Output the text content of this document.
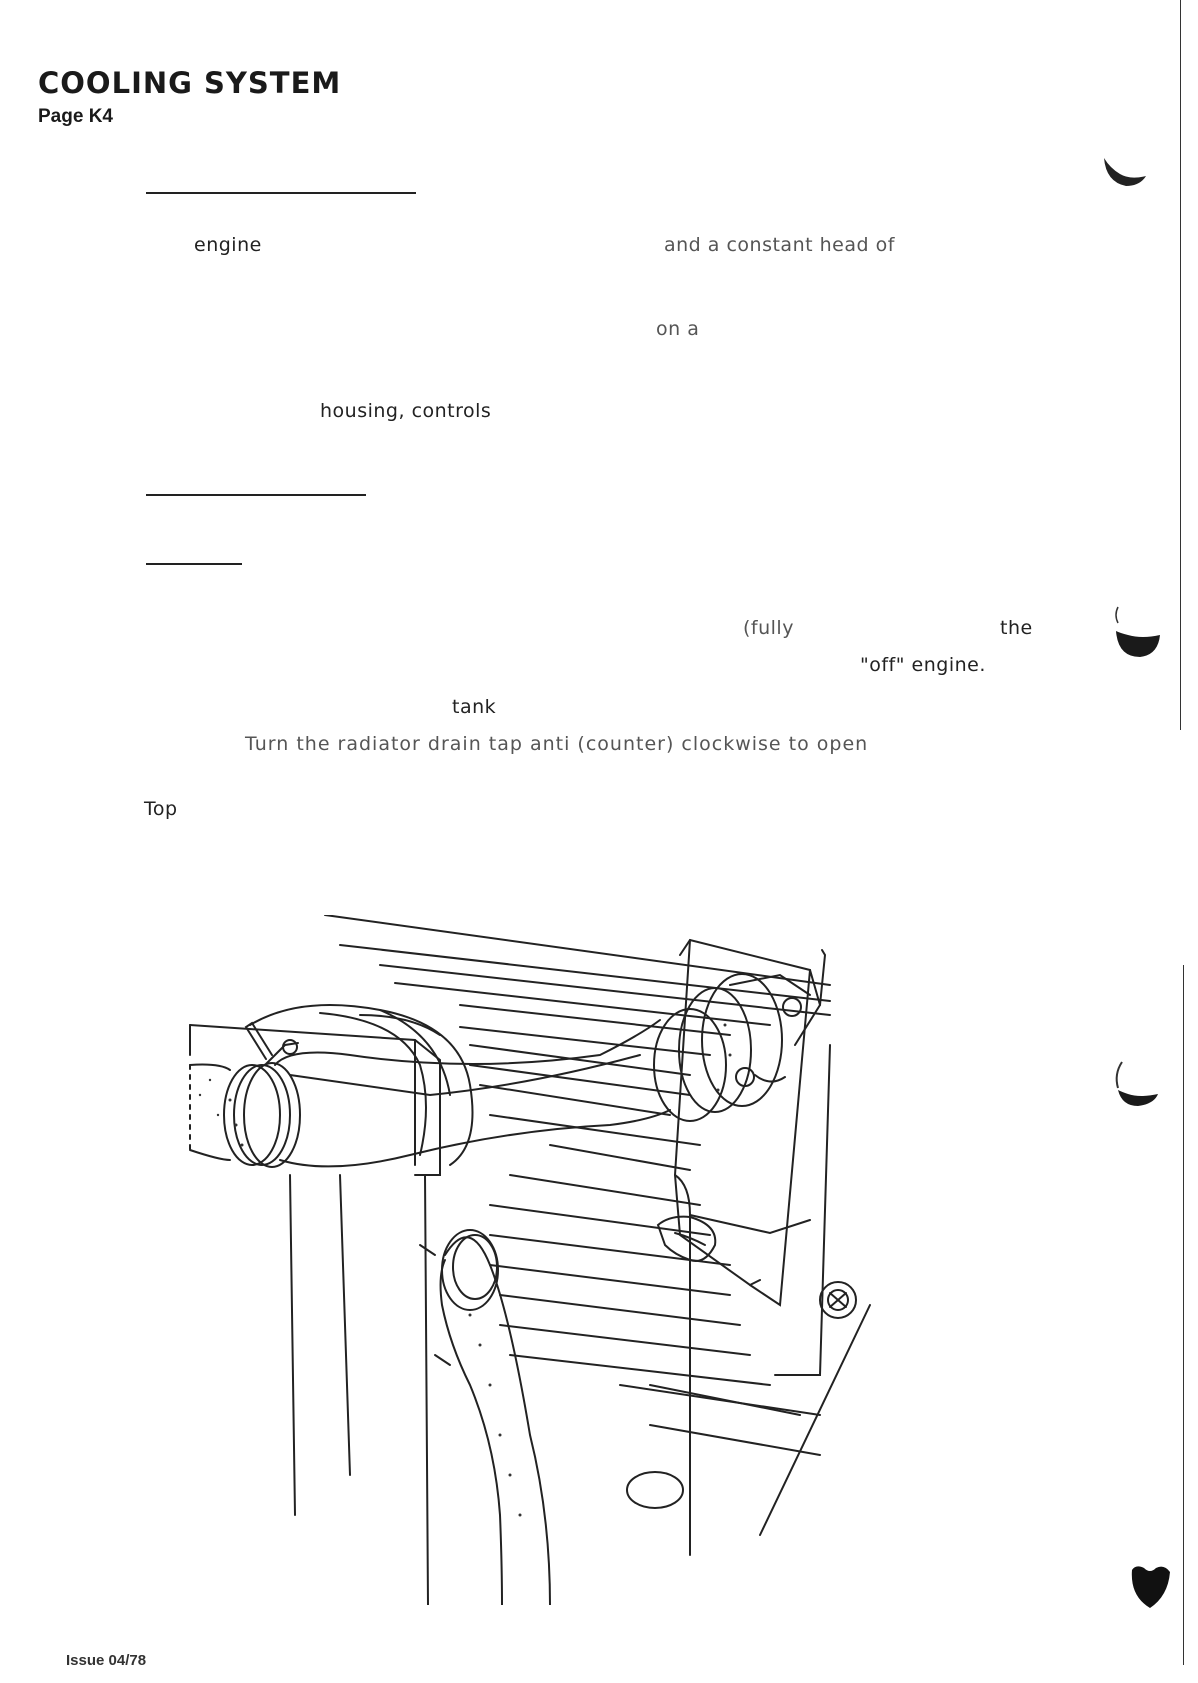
COOLING SYSTEM
Page K4
engine	and a constant head of
on a
housing, controls
(fully	the
"off" engine.
tank
Turn the radiator drain tap anti (counter) clockwise to open
Top
Issue 04/78
